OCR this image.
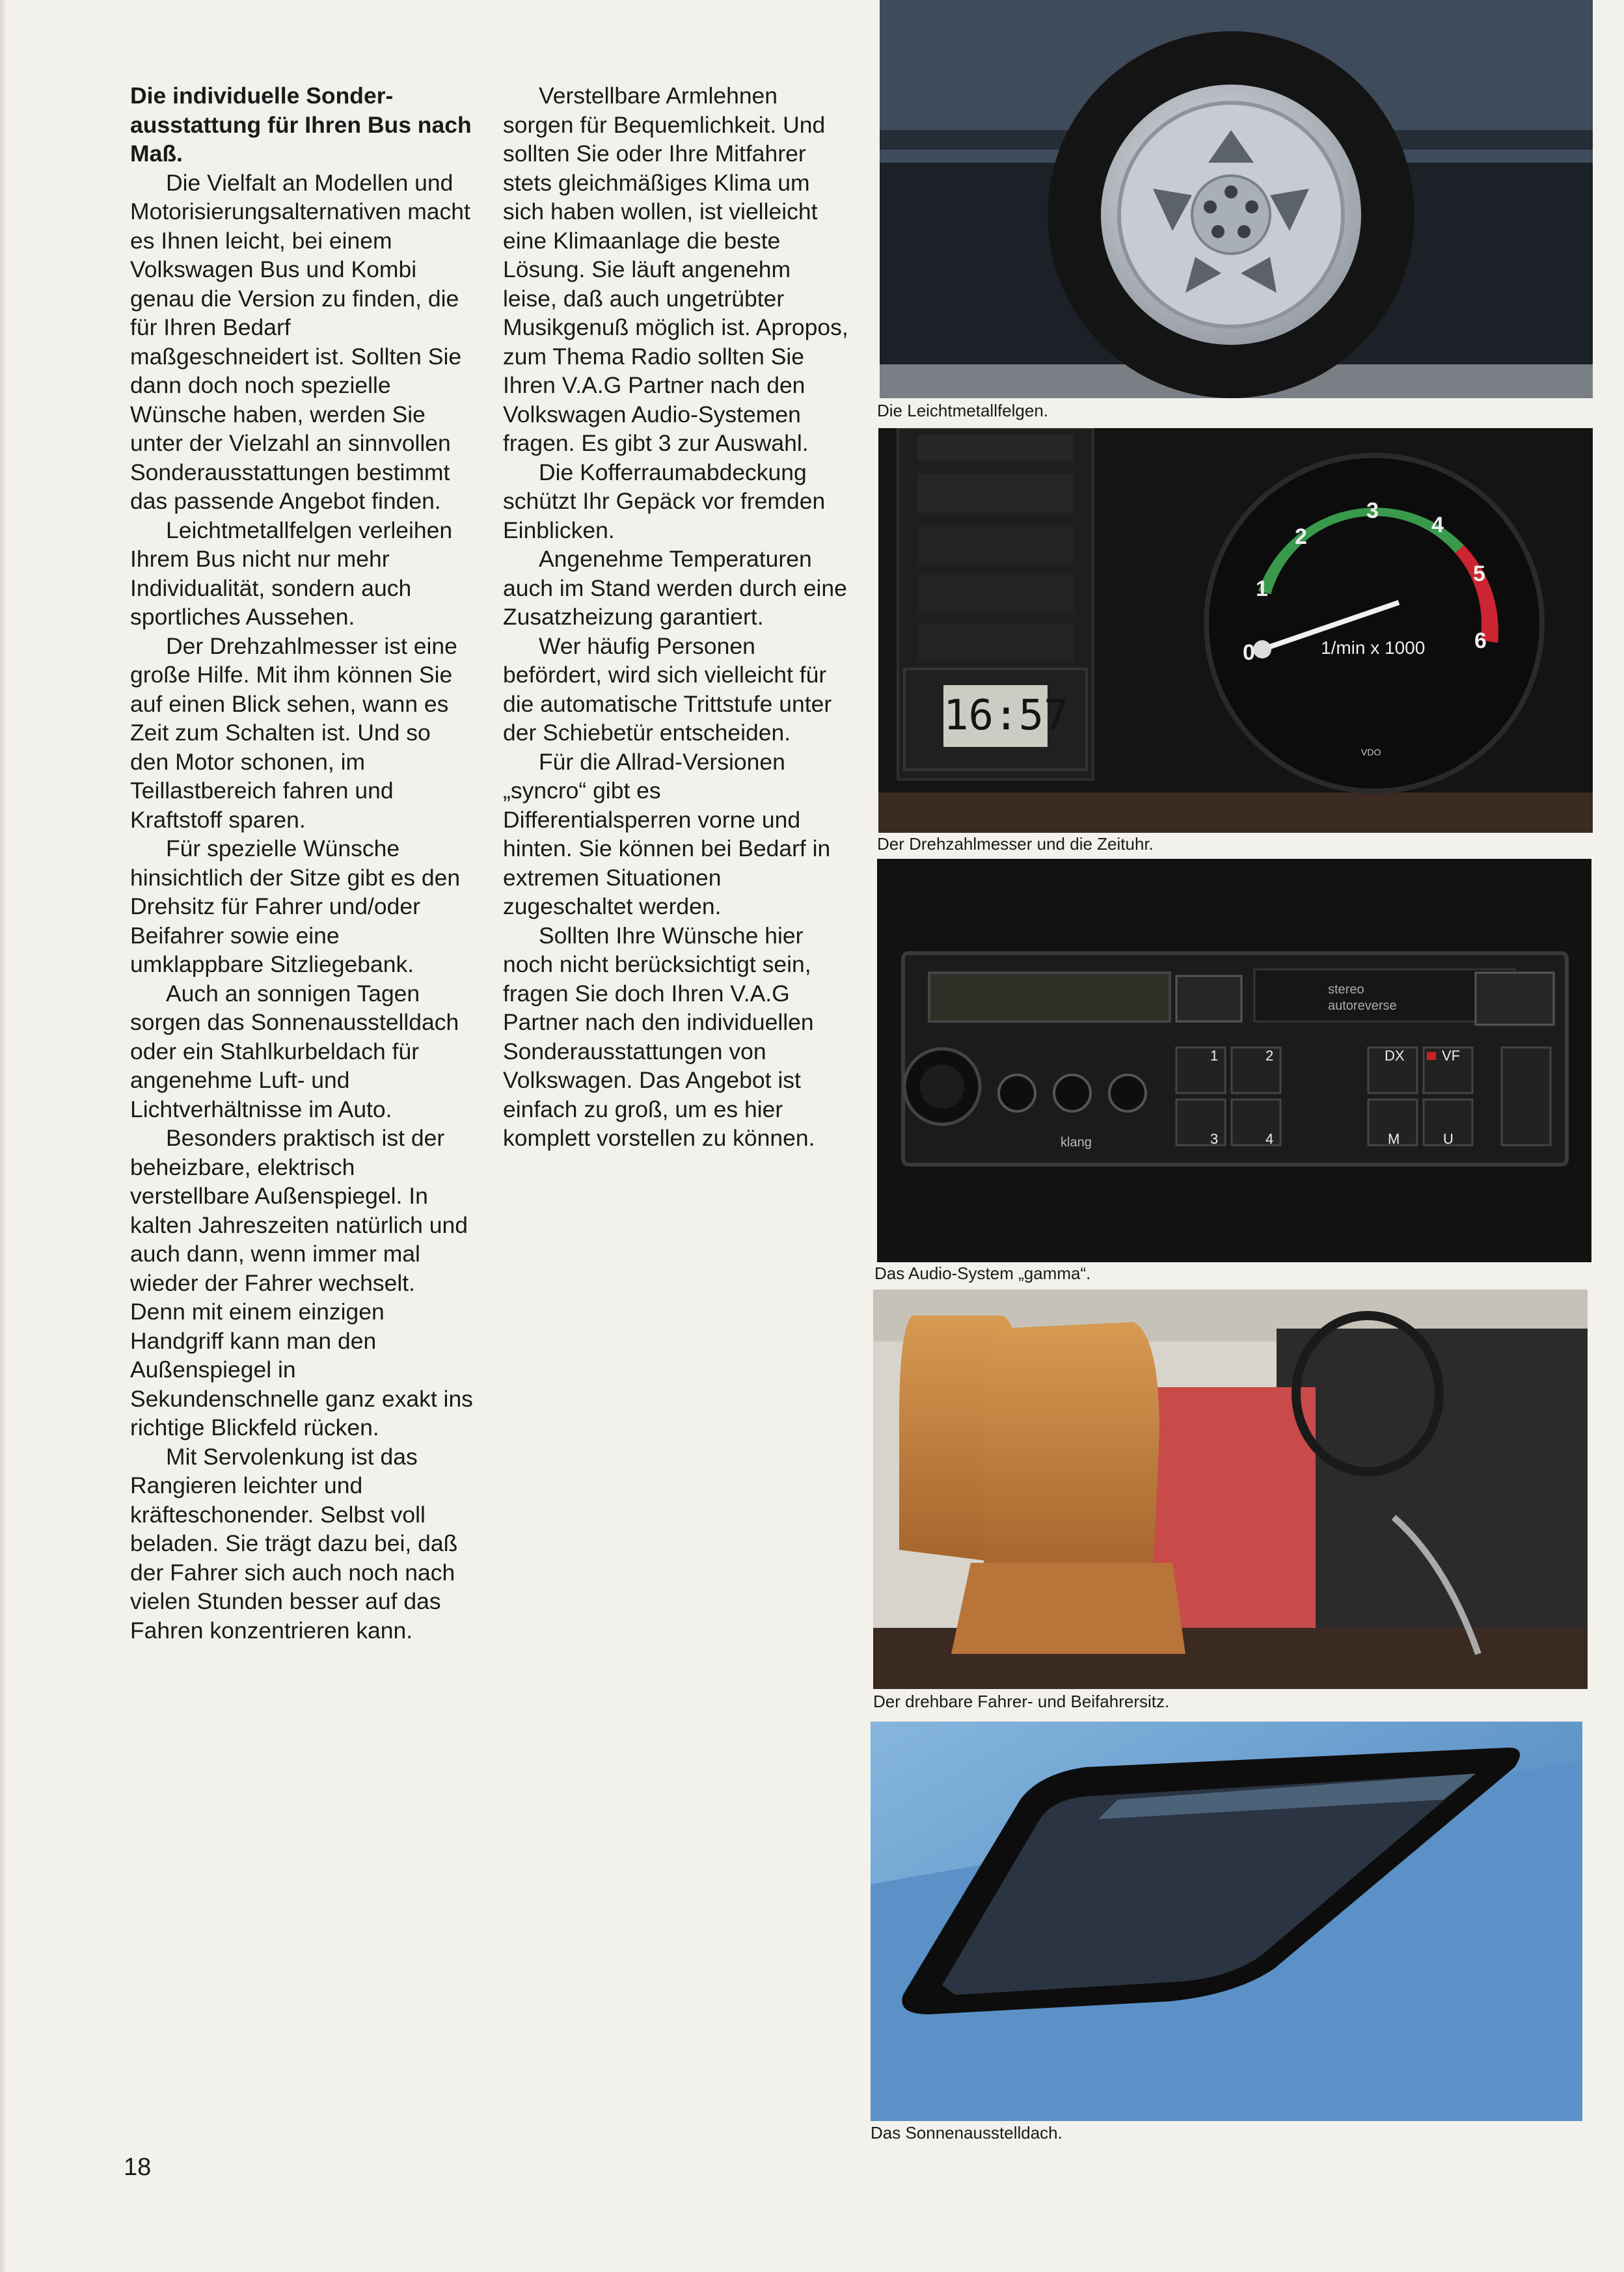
Die individuelle Sonder-ausstattung für Ihren Bus nach Maß.

Die Vielfalt an Modellen und Motorisierungsalternativen macht es Ihnen leicht, bei einem Volkswagen Bus und Kombi genau die Version zu finden, die für Ihren Bedarf maßgeschneidert ist. Sollten Sie dann doch noch spezielle Wünsche haben, werden Sie unter der Vielzahl an sinnvollen Sonderausstattungen bestimmt das passende Angebot finden.

Leichtmetallfelgen verleihen Ihrem Bus nicht nur mehr Individualität, sondern auch sportliches Aussehen.

Der Drehzahlmesser ist eine große Hilfe. Mit ihm können Sie auf einen Blick sehen, wann es Zeit zum Schalten ist. Und so den Motor schonen, im Teillastbereich fahren und Kraftstoff sparen.

Für spezielle Wünsche hinsichtlich der Sitze gibt es den Drehsitz für Fahrer und/oder Beifahrer sowie eine umklappbare Sitzliegebank.

Auch an sonnigen Tagen sorgen das Sonnenausstelldach oder ein Stahlkurbeldach für angenehme Luft- und Lichtverhältnisse im Auto.

Besonders praktisch ist der beheizbare, elektrisch verstellbare Außenspiegel. In kalten Jahreszeiten natürlich und auch dann, wenn immer mal wieder der Fahrer wechselt. Denn mit einem einzigen Handgriff kann man den Außenspiegel in Sekundenschnelle ganz exakt ins richtige Blickfeld rücken.

Mit Servolenkung ist das Rangieren leichter und kräfteschonender. Selbst voll beladen. Sie trägt dazu bei, daß der Fahrer sich auch noch nach vielen Stunden besser auf das Fahren konzentrieren kann.

Verstellbare Armlehnen sorgen für Bequemlichkeit. Und sollten Sie oder Ihre Mitfahrer stets gleichmäßiges Klima um sich haben wollen, ist vielleicht eine Klimaanlage die beste Lösung. Sie läuft angenehm leise, daß auch ungetrübter Musikgenuß möglich ist. Apropos, zum Thema Radio sollten Sie Ihren V.A.G Partner nach den Volkswagen Audio-Systemen fragen. Es gibt 3 zur Auswahl.

Die Kofferraumabdeckung schützt Ihr Gepäck vor fremden Einblicken.

Angenehme Temperaturen auch im Stand werden durch eine Zusatzheizung garantiert.

Wer häufig Personen befördert, wird sich vielleicht für die automatische Trittstufe unter der Schiebetür entscheiden.

Für die Allrad-Versionen „syncro“ gibt es Differentialsperren vorne und hinten. Sie können bei Bedarf in extremen Situationen zugeschaltet werden.

Sollten Ihre Wünsche hier noch nicht berücksichtigt sein, fragen Sie doch Ihren V.A.G Partner nach den individuellen Sonderausstattungen von Volkswagen. Das Angebot ist einfach zu groß, um es hier komplett vorstellen zu können.

Die Leichtmetallfelgen.
16:57
1/min x 1000
0
1
2
3
4
5
6
VDO
Der Drehzahlmesser und die Zeituhr.
stereo
autoreverse
klang
1	2
3	4
DX	VF
M	U
Das Audio-System „gamma“.
Der drehbare Fahrer- und Beifahrersitz.
Das Sonnenausstelldach.
18
